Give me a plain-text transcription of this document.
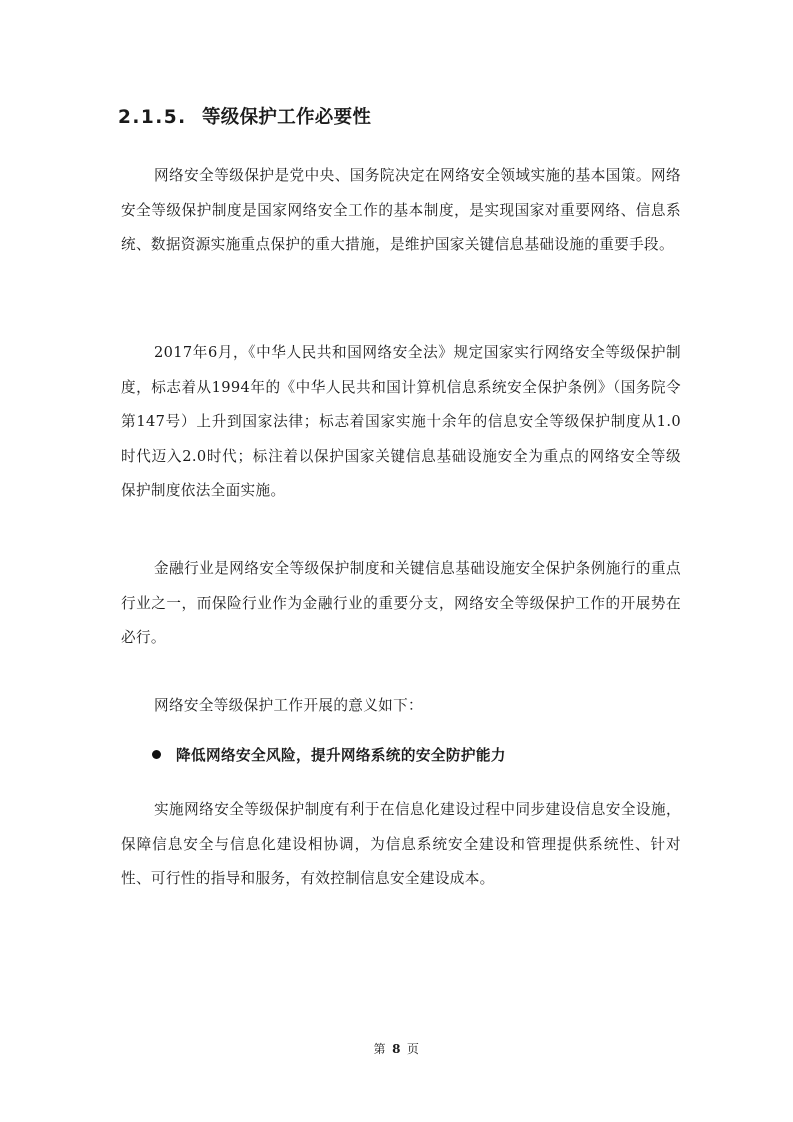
2.1.5. 等级保护工作必要性

网络安全等级保护是党中央、国务院决定在网络安全领域实施的基本国策。网络安全等级保护制度是国家网络安全工作的基本制度，是实现国家对重要网络、信息系统、数据资源实施重点保护的重大措施，是维护国家关键信息基础设施的重要手段。

2017年6月，《中华人民共和国网络安全法》规定国家实行网络安全等级保护制度，标志着从1994年的《中华人民共和国计算机信息系统安全保护条例》（国务院令第147号）上升到国家法律；标志着国家实施十余年的信息安全等级保护制度从1.0时代迈入2.0时代；标注着以保护国家关键信息基础设施安全为重点的网络安全等级保护制度依法全面实施。

金融行业是网络安全等级保护制度和关键信息基础设施安全保护条例施行的重点行业之一，而保险行业作为金融行业的重要分支，网络安全等级保护工作的开展势在必行。

网络安全等级保护工作开展的意义如下：

降低网络安全风险，提升网络系统的安全防护能力

实施网络安全等级保护制度有利于在信息化建设过程中同步建设信息安全设施，保障信息安全与信息化建设相协调，为信息系统安全建设和管理提供系统性、针对性、可行性的指导和服务，有效控制信息安全建设成本。

第 8 页
